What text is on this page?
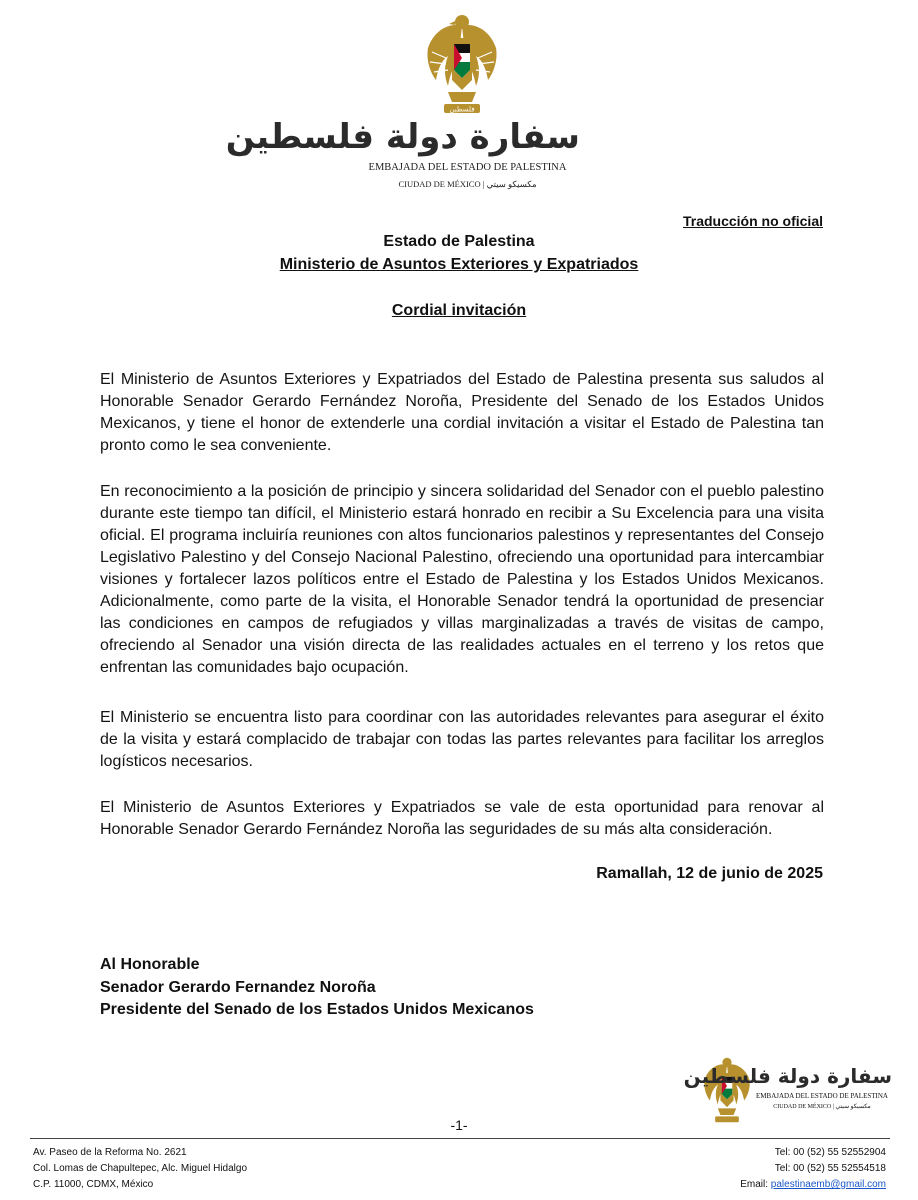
فلسطين
سفارة دولة فلسطين
EMBAJADA DEL ESTADO DE PALESTINA
CIUDAD DE MÉXICO | مكسيكو سيتي
Traducción no oficial
Estado de Palestina
Ministerio de Asuntos Exteriores y Expatriados
Cordial invitación
El Ministerio de Asuntos Exteriores y Expatriados del Estado de Palestina presenta sus saludos al Honorable Senador Gerardo Fernández Noroña, Presidente del Senado de los Estados Unidos Mexicanos, y tiene el honor de extenderle una cordial invitación a visitar el Estado de Palestina tan pronto como le sea conveniente.
En reconocimiento a la posición de principio y sincera solidaridad del Senador con el pueblo palestino durante este tiempo tan difícil, el Ministerio estará honrado en recibir a Su Excelencia para una visita oficial. El programa incluiría reuniones con altos funcionarios palestinos y representantes del Consejo Legislativo Palestino y del Consejo Nacional Palestino, ofreciendo una oportunidad para intercambiar visiones y fortalecer lazos políticos entre el Estado de Palestina y los Estados Unidos Mexicanos. Adicionalmente, como parte de la visita, el Honorable Senador tendrá la oportunidad de presenciar las condiciones en campos de refugiados y villas marginalizadas a través de visitas de campo, ofreciendo al Senador una visión directa de las realidades actuales en el terreno y los retos que enfrentan las comunidades bajo ocupación.
El Ministerio se encuentra listo para coordinar con las autoridades relevantes para asegurar el éxito de la visita y estará complacido de trabajar con todas las partes relevantes para facilitar los arreglos logísticos necesarios.
El Ministerio de Asuntos Exteriores y Expatriados se vale de esta oportunidad para renovar al Honorable Senador Gerardo Fernández Noroña las seguridades de su más alta consideración.
Ramallah, 12 de junio de 2025
Al Honorable
Senador Gerardo Fernandez Noroña
Presidente del Senado de los Estados Unidos Mexicanos
سفارة دولة فلسطين
EMBAJADA DEL ESTADO DE PALESTINA
CIUDAD DE MÉXICO | مكسيكو سيتي
-1-
Av. Paseo de la Reforma No. 2621
Col. Lomas de Chapultepec, Alc. Miguel Hidalgo
C.P. 11000, CDMX, México
Tel: 00 (52) 55 52552904
Tel: 00 (52) 55 52554518
Email: palestinaemb@gmail.com
